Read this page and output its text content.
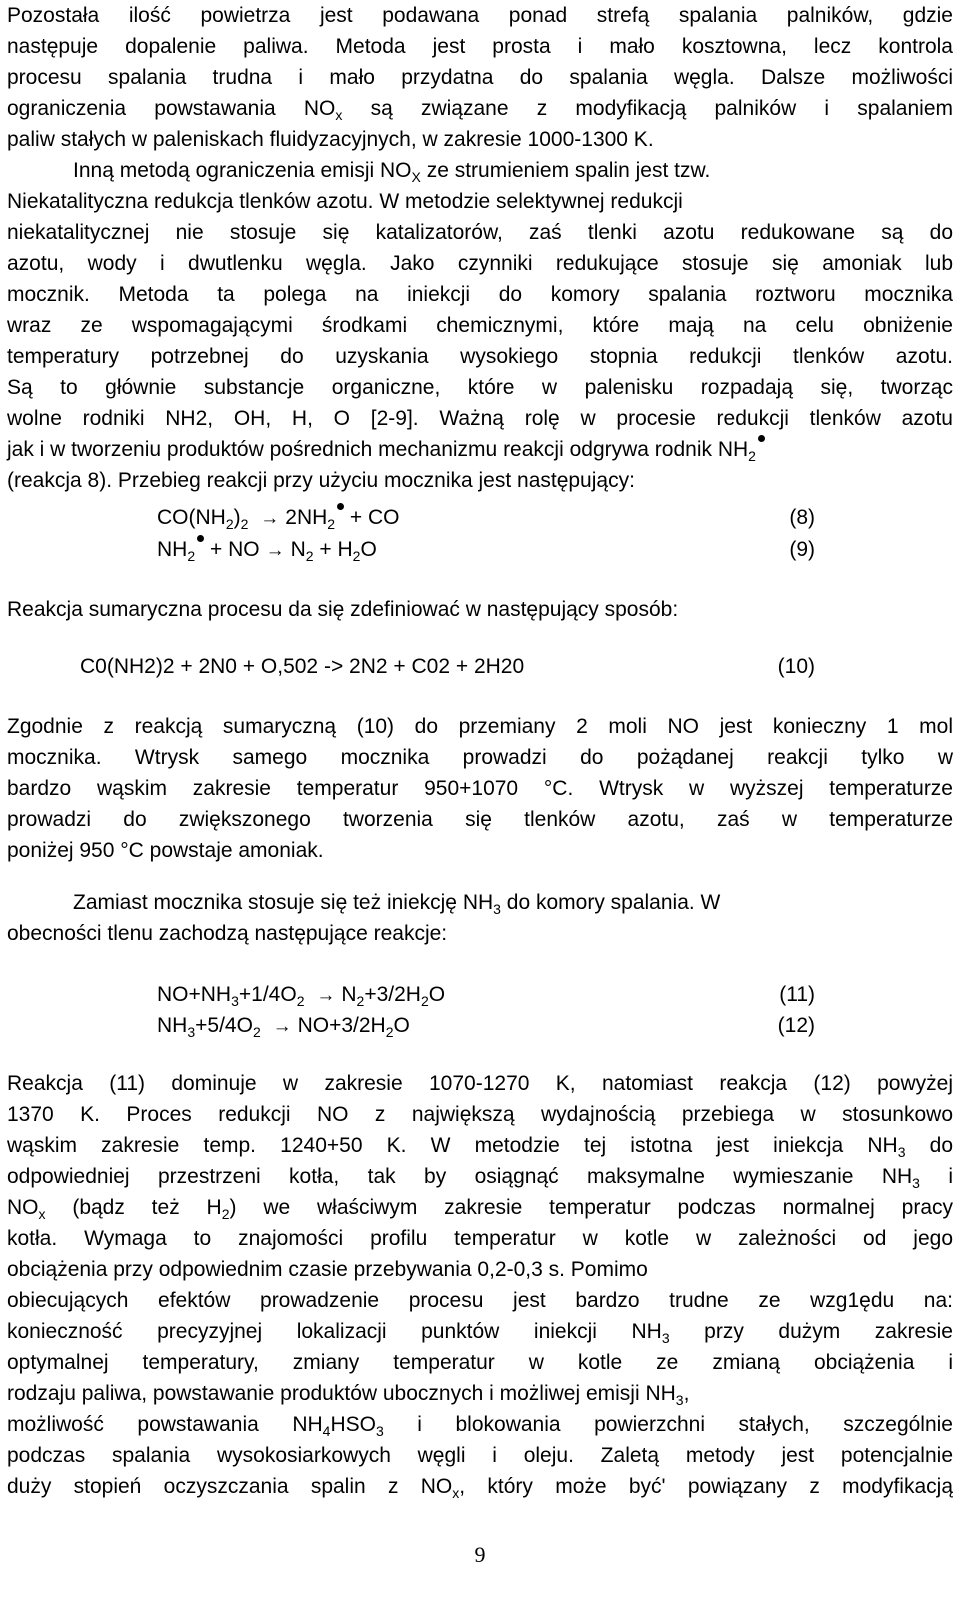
Pozostała ilość powietrza jest podawana ponad strefą spalania palników, gdzie
następuje dopalenie paliwa. Metoda jest prosta i mało kosztowna, lecz kontrola
procesu spalania trudna i mało przydatna do spalania węgla. Dalsze możliwości
ograniczenia powstawania $NO_x$ są związane z modyfikacją palników i spalaniem
paliw stałych w paleniskach fluidyzacyjnych, w zakresie 1000-1300 K.
Inną metodą ograniczenia emisji $NO_X$ ze strumieniem spalin jest tzw.
Niekatalityczna redukcja tlenków azotu. W metodzie selektywnej redukcji
niekatalitycznej nie stosuje się katalizatorów, zaś tlenki azotu redukowane są do
azotu, wody i dwutlenku węgla. Jako czynniki redukujące stosuje się amoniak lub
mocznik. Metoda ta polega na iniekcji do komory spalania roztworu mocznika
wraz ze wspomagającymi środkami chemicznymi, które mają na celu obniżenie
temperatury potrzebnej do uzyskania wysokiego stopnia redukcji tlenków azotu.
Są to głównie substancje organiczne, które w palenisku rozpadają się, tworząc
wolne rodniki NH2, OH, H, O [2-9]. Ważną rolę w procesie redukcji tlenków azotu
jak i w tworzeniu produktów pośrednich mechanizmu reakcji odgrywa rodnik $NH_2$
(reakcja 8). Przebieg reakcji przy użyciu mocznika jest następujący:
$CO(NH_2)_2 \to 2NH_2$ + CO	(8)
$NH_2$ + NO → $N_2 + H_2O$	(9)
Reakcja sumaryczna procesu da się zdefiniować w następujący sposób:
C0(NH2)2 + 2N0 + O,502 -> 2N2 + C02 + 2H20	(10)
Zgodnie z reakcją sumaryczną (10) do przemiany 2 moli NO jest konieczny 1 mol
mocznika. Wtrysk samego mocznika prowadzi do pożądanej reakcji tylko w
bardzo wąskim zakresie temperatur 950+1070 °C. Wtrysk w wyższej temperaturze
prowadzi do zwiększonego tworzenia się tlenków azotu, zaś w temperaturze
poniżej 950 °C powstaje amoniak.
Zamiast mocznika stosuje się też iniekcję $NH_3$ do komory spalania. W
obecności tlenu zachodzą następujące reakcje:
$NO+NH_3+1/4O_2 \to N_2+3/2H_2O$	(11)
$NH_3+5/4O_2 \to NO+3/2H_2O$	(12)
Reakcja (11) dominuje w zakresie 1070-1270 K, natomiast reakcja (12) powyżej
1370 K. Proces redukcji NO z największą wydajnością przebiega w stosunkowo
wąskim zakresie temp. 1240+50 K. W metodzie tej istotna jest iniekcja $NH_3$ do
odpowiedniej przestrzeni kotła, tak by osiągnąć maksymalne wymieszanie $NH_3$ i
$NO_x$ (bądz też $H_2$) we właściwym zakresie temperatur podczas normalnej pracy
kotła. Wymaga to znajomości profilu temperatur w kotle w zależności od jego
obciążenia przy odpowiednim czasie przebywania 0,2-0,3 s. Pomimo
obiecujących efektów prowadzenie procesu jest bardzo trudne ze wzg1ędu na:
konieczność precyzyjnej lokalizacji punktów iniekcji $NH_3$ przy dużym zakresie
optymalnej temperatury, zmiany temperatur w kotle ze zmianą obciążenia i
rodzaju paliwa, powstawanie produktów ubocznych i możliwej emisji $NH_3$,
możliwość powstawania $NH_4HSO_3$ i blokowania powierzchni stałych, szczególnie
podczas spalania wysokosiarkowych węgli i oleju. Zaletą metody jest potencjalnie
duży stopień oczyszczania spalin z $NO_x$, który może być' powiązany z modyfikacją
9
